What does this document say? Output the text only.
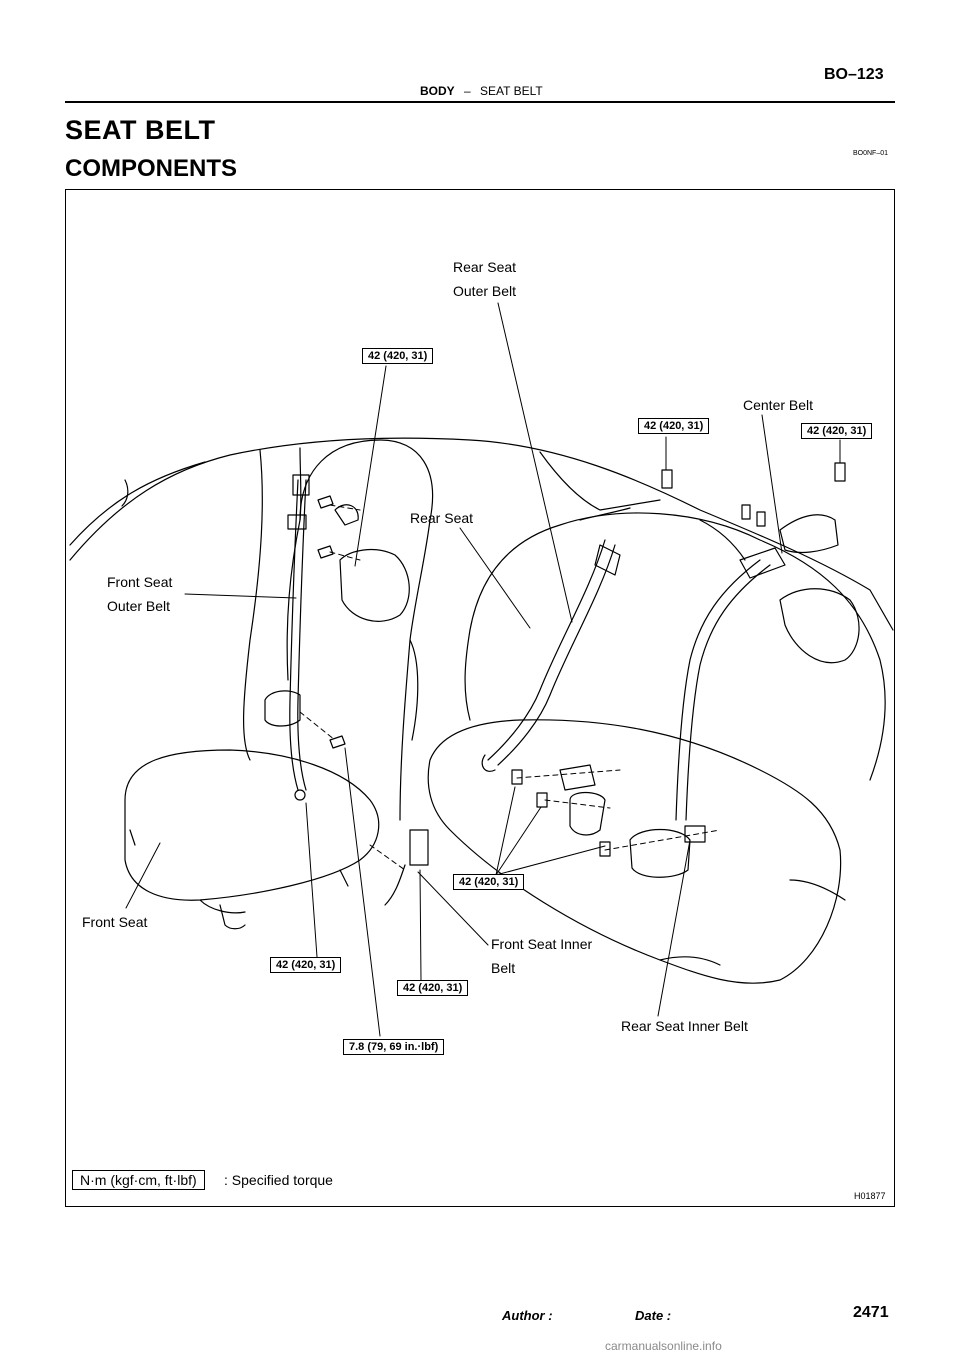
BO–123
BODY – SEAT BELT
SEAT BELT
COMPONENTS
BO0NF–01
Rear Seat
Outer Belt
Center Belt
Rear Seat
Front Seat
Outer Belt
Front Seat
Front Seat Inner
Belt
Rear Seat Inner Belt
42 (420, 31)
42 (420, 31)	42 (420, 31)
42 (420, 31)
42 (420, 31)
42 (420, 31)
7.8 (79, 69 in.·lbf)
N·m (kgf·cm, ft·lbf)	: Specified torque
H01877
Author :	Date :	2471
carmanualsonline.info
